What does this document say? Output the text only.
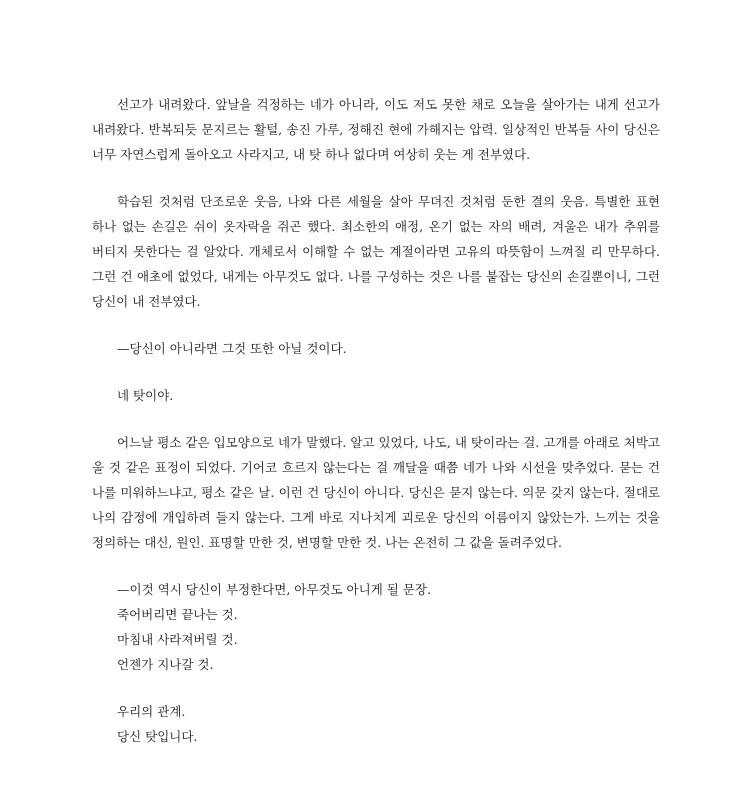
선고가 내려왔다. 앞날을 걱정하는 네가 아니라, 이도 저도 못한 채로 오늘을 살아가는 내게 선고가 내려왔다. 반복되듯 문지르는 활털, 송진 가루, 정해진 현에 가해지는 압력. 일상적인 반복들 사이 당신은 너무 자연스럽게 돌아오고 사라지고, 내 탓 하나 없다며 여상히 웃는 게 전부였다.

학습된 것처럼 단조로운 웃음, 나와 다른 세월을 살아 무뎌진 것처럼 둔한 결의 웃음. 특별한 표현 하나 없는 손길은 쉬이 옷자락을 쥐곤 했다. 최소한의 애정, 온기 없는 자의 배려, 겨울은 내가 추위를 버티지 못한다는 걸 알았다. 개체로서 이해할 수 없는 계절이라면 고유의 따뜻함이 느껴질 리 만무하다. 그런 건 애초에 없었다, 내게는 아무것도 없다. 나를 구성하는 것은 나를 붙잡는 당신의 손길뿐이니, 그런 당신이 내 전부였다.

—당신이 아니라면 그것 또한 아닐 것이다.

네 탓이야.

어느날 평소 같은 입모양으로 네가 말했다. 알고 있었다, 나도, 내 탓이라는 걸. 고개를 아래로 처박고 울 것 같은 표정이 되었다. 기어코 흐르지 않는다는 걸 깨달을 때쯤 네가 나와 시선을 맞추었다. 묻는 건 나를 미워하느냐고, 평소 같은 날. 이런 건 당신이 아니다. 당신은 묻지 않는다. 의문 갖지 않는다. 절대로 나의 감정에 개입하려 들지 않는다. 그게 바로 지나치게 괴로운 당신의 이름이지 않았는가. 느끼는 것을 정의하는 대신, 원인. 표명할 만한 것, 변명할 만한 것. 나는 온전히 그 값을 돌려주었다.

—이것 역시 당신이 부정한다면, 아무것도 아니게 될 문장.

죽어버리면 끝나는 것.

마침내 사라져버릴 것.

언젠가 지나갈 것.

우리의 관계.

당신 탓입니다.
